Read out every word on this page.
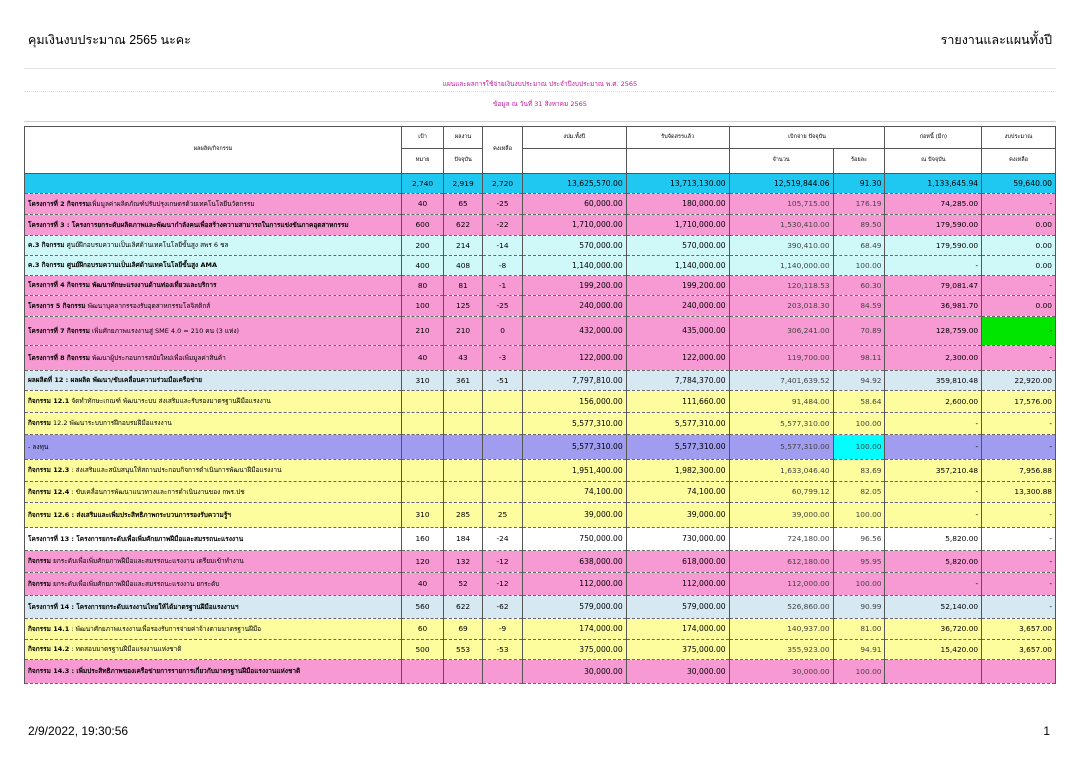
คุมเงินงบประมาณ 2565 นะคะ	รายงานและแผนทั้งปี
แผนและผลการใช้จ่ายเงินงบประมาณ ประจำปีงบประมาณ พ.ศ. 2565
ข้อมูล ณ วันที่ 31 สิงหาคม 2565
ผลผลิต/กิจกรรม	เป้า	ผลงาน	คงเหลือ	งปม.ทั้งปี	รับจัดสรรแล้ว	เบิกจ่าย ปัจจุบัน		ก่อหนี้ (มีก)	งบประมาณ
	หมาย	ปัจจุบัน				จำนวน	ร้อยละ	ณ ปัจจุบัน	คงเหลือ
	2,740	2,919	2,720	13,625,570.00	13,713,130.00	12,519,844.06	91.30	1,133,645.94	59,640.00
โครงการที่ 2 กิจกรรมเพิ่มมูลค่าผลิตภัณฑ์ปรับปรุงเกษตรด้วยเทคโนโลยีนวัตกรรม	40	65	-25	60,000.00	180,000.00	105,715.00	176.19	74,285.00	-
โครงการที่ 3 : โครงการยกระดับผลิตภาพและพัฒนากำลังคนเพื่อสร้างความสามารถในการแข่งขันภาคอุตสาหกรรม	600	622	-22	1,710,000.00	1,710,000.00	1,530,410.00	89.50	179,590.00	0.00
ค.3 กิจกรรม ศูนย์ฝึกอบรมความเป็นเลิศด้านเทคโนโลยีขั้นสูง สพร 6 ชล	200	214	-14	570,000.00	570,000.00	390,410.00	68.49	179,590.00	0.00
ค.3 กิจกรรม ศูนย์ฝึกอบรมความเป็นเลิศด้านเทคโนโลยีขั้นสูง AMA	400	408	-8	1,140,000.00	1,140,000.00	1,140,000.00	100.00	-	0.00
โครงการที่ 4 กิจกรรม พัฒนาทักษะแรงงานด้านท่องเที่ยวและบริการ	80	81	-1	199,200.00	199,200.00	120,118.53	60.30	79,081.47	-
โครงการ 5 กิจกรรม พัฒนาบุคลากรรองรับอุตสาหกรรมโลจิสติกส์	100	125	-25	240,000.00	240,000.00	203,018.30	84.59	36,981.70	0.00
โครงการที่ 7 กิจกรรม เพิ่มศักยภาพแรงงานสู่ SME 4.0 = 210 คน (3 แห่ง)	210	210	0	432,000.00	435,000.00	306,241.00	70.89	128,759.00	-
โครงการที่ 8 กิจกรรม พัฒนาผู้ประกอบการสมัยใหม่เพื่อเพิ่มมูลค่าสินค้า	40	43	-3	122,000.00	122,000.00	119,700.00	98.11	2,300.00	-
ผลผลิตที่ 12 : ผลผลิต พัฒนา/ขับเคลื่อนความร่วมมือเครือข่าย	310	361	-51	7,797,810.00	7,784,370.00	7,401,639.52	94.92	359,810.48	22,920.00
กิจกรรม 12.1 จัดทำทักษะเกณฑ์ พัฒนาระบบ ส่งเสริมและรับรองมาตรฐานฝีมือแรงงาน				156,000.00	111,660.00	91,484.00	58.64	2,600.00	17,576.00
กิจกรรม 12.2 พัฒนาระบบการฝึกอบรมฝีมือแรงงาน				5,577,310.00	5,577,310.00	5,577,310.00	100.00	-	-
- ลงทุน				5,577,310.00	5,577,310.00	5,577,310.00	100.00	-	-
กิจกรรม 12.3 : ส่งเสริมและสนับสนุนให้สถานประกอบกิจการดำเนินการพัฒนาฝีมือแรงงาน				1,951,400.00	1,982,300.00	1,633,046.40	83.69	357,210.48	7,956.88
กิจกรรม 12.4 : ขับเคลื่อนการพัฒนาแนวทางและการดำเนินงานของ กพร.ปช				74,100.00	74,100.00	60,799.12	82.05	-	13,300.88
กิจกรรม 12.6 : ส่งเสริมและเพิ่มประสิทธิภาพกระบวนการรองรับความรู้ฯ	310	285	25	39,000.00	39,000.00	39,000.00	100.00	-	-
โครงการที่ 13 : โครงการยกระดับเพื่อเพิ่มศักยภาพฝีมือและสมรรถนะแรงงาน	160	184	-24	750,000.00	730,000.00	724,180.00	96.56	5,820.00	-
กิจกรรม ยกระดับเพื่อเพิ่มศักยภาพฝีมือและสมรรถนะแรงงาน เตรียมเข้าทำงาน	120	132	-12	638,000.00	618,000.00	612,180.00	95.95	5,820.00	-
กิจกรรม ยกระดับเพื่อเพิ่มศักยภาพฝีมือและสมรรถนะแรงงาน ยกระดับ	40	52	-12	112,000.00	112,000.00	112,000.00	100.00	-	-
โครงการที่ 14 : โครงการยกระดับแรงงานไทยให้ได้มาตรฐานฝีมือแรงงานฯ	560	622	-62	579,000.00	579,000.00	526,860.00	90.99	52,140.00	-
กิจกรรม 14.1 : พัฒนาศักยภาพแรงงานเพื่อรองรับการจ่ายค่าจ้างตามมาตรฐานฝีมือ	60	69	-9	174,000.00	174,000.00	140,937.00	81.00	36,720.00	3,657.00
กิจกรรม 14.2 : ทดสอบมาตรฐานฝีมือแรงงานแห่งชาติ	500	553	-53	375,000.00	375,000.00	355,923.00	94.91	15,420.00	3,657.00
กิจกรรม 14.3 : เพิ่มประสิทธิภาพของเครือข่ายการรายการเกี่ยวกับมาตรฐานฝีมือแรงงานแห่งชาติ				30,000.00	30,000.00	30,000.00	100.00		
2/9/2022, 19:30:56	1
